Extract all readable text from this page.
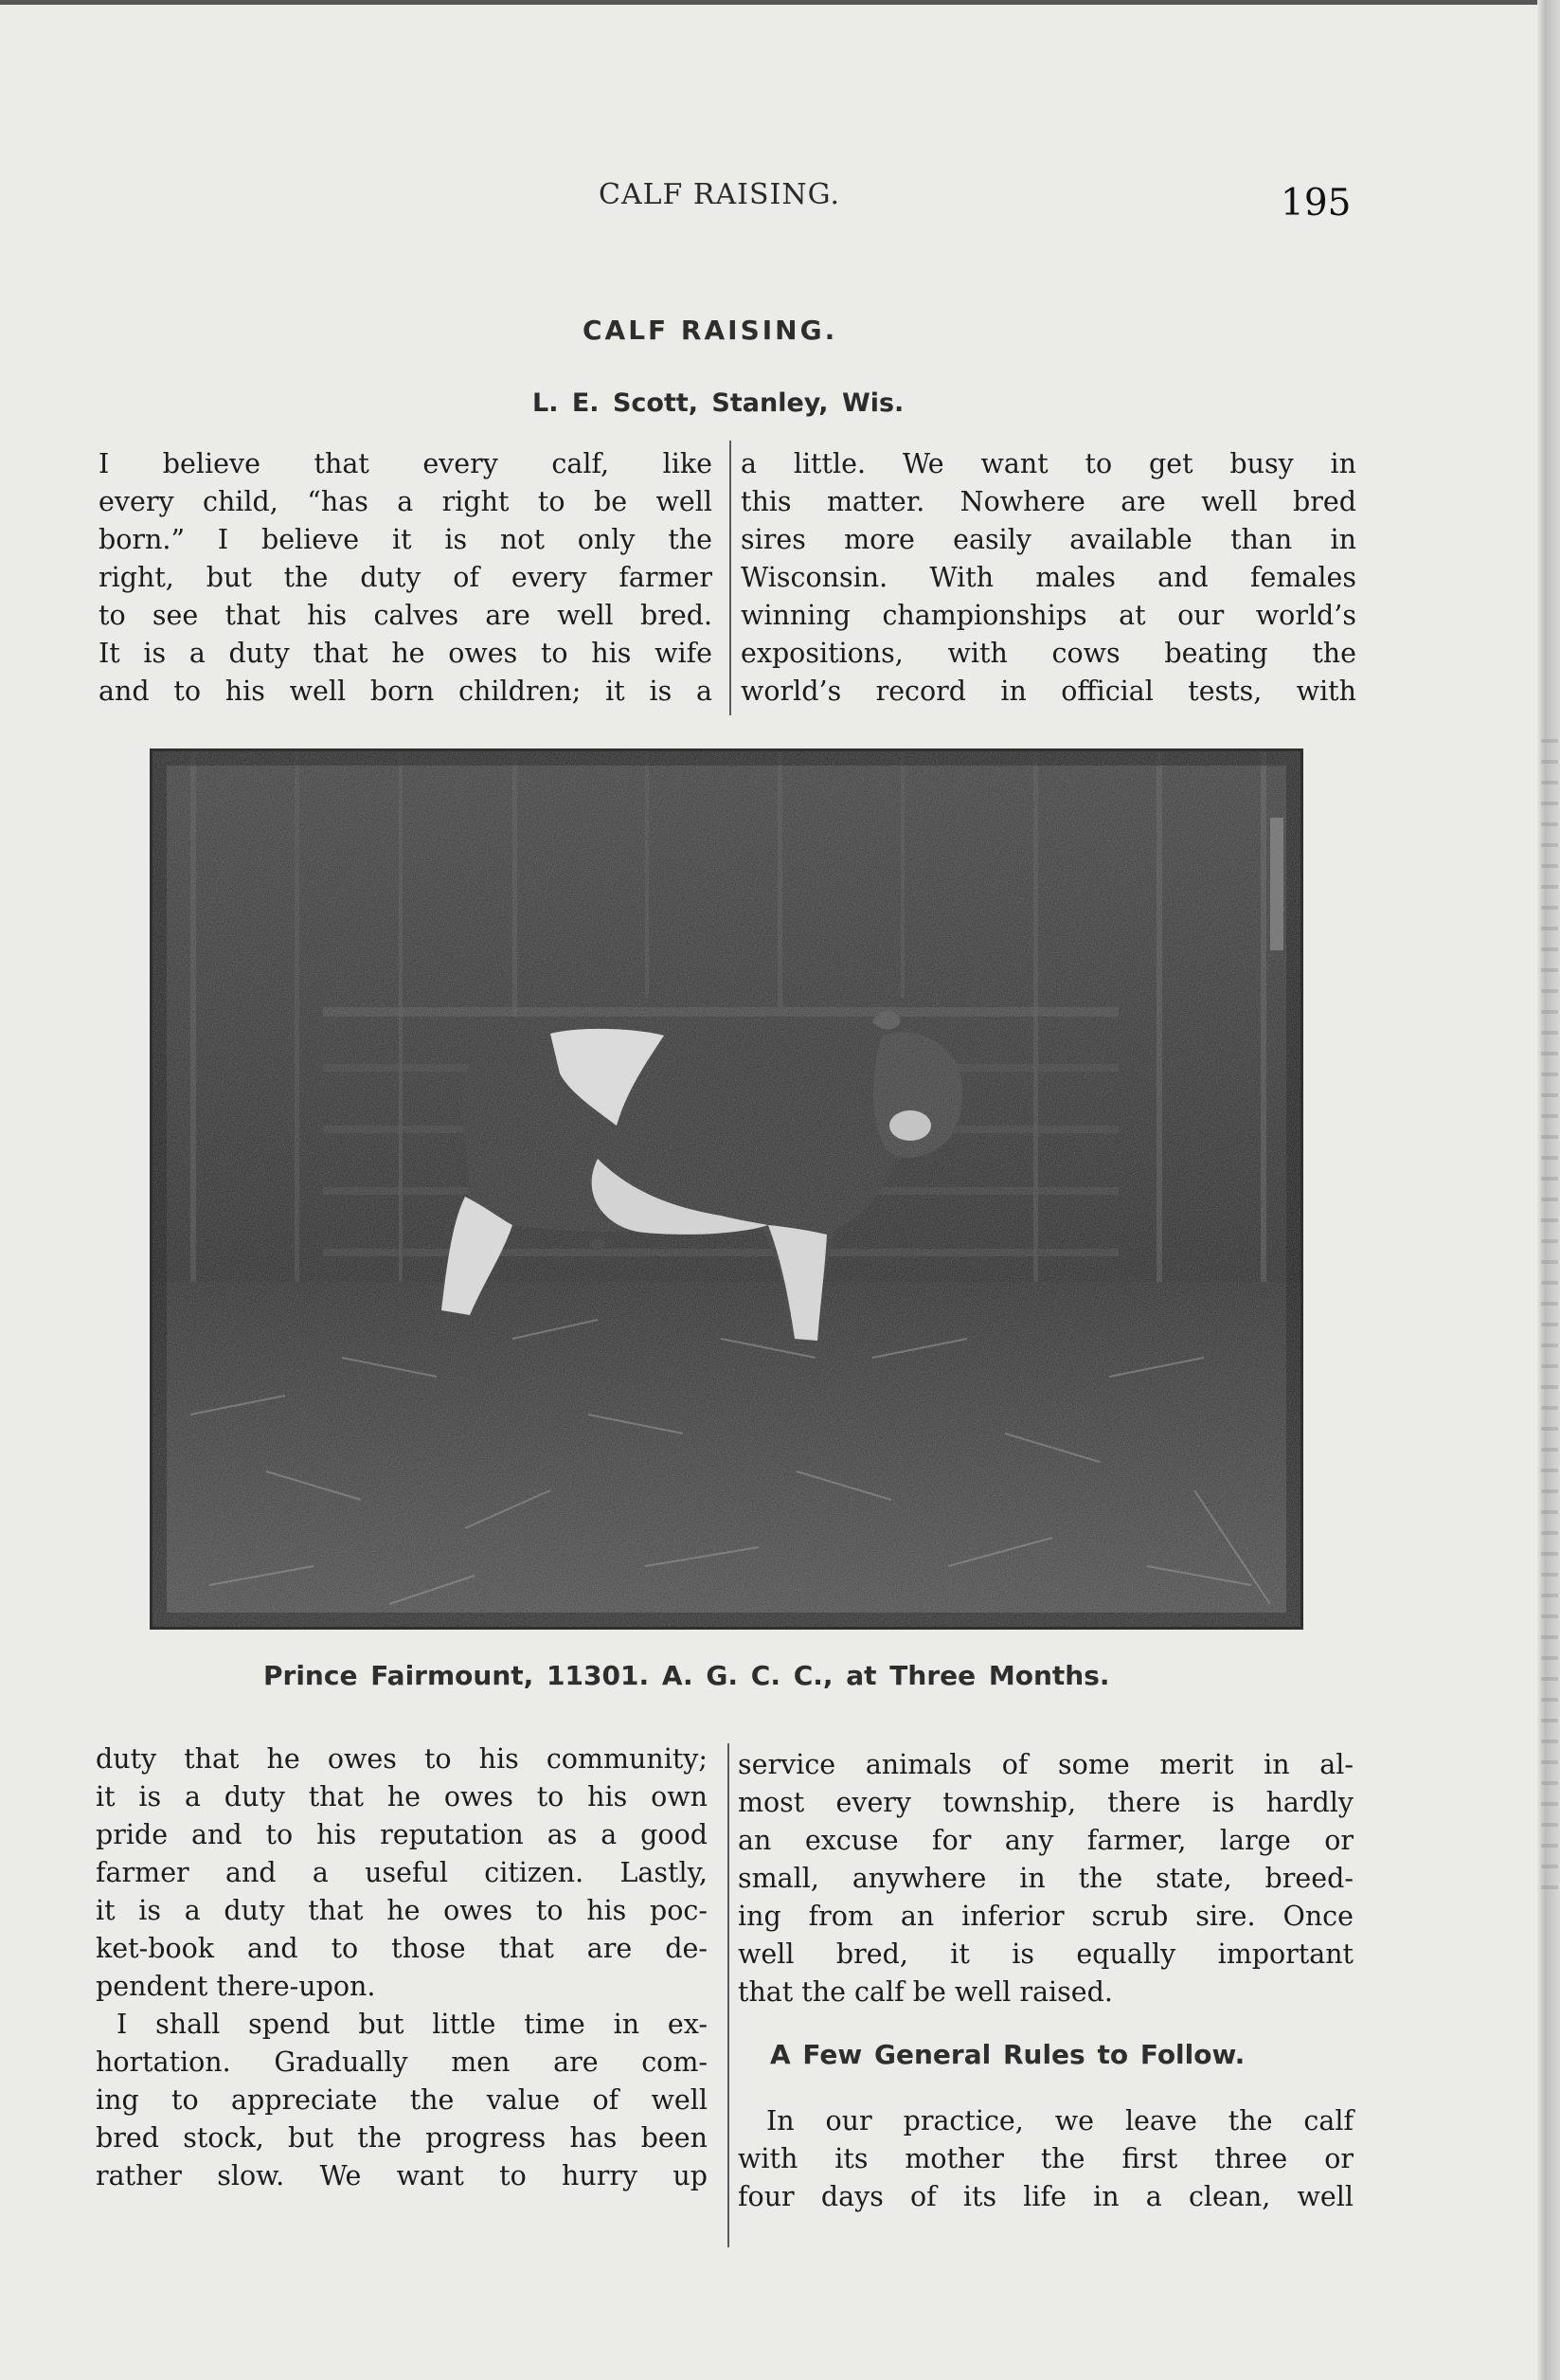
CALF RAISING.	195
CALF RAISING.
L. E. Scott, Stanley, Wis.
I believe that every calf, like
every child, “has a right to be well
born.” I believe it is not only the
right, but the duty of every farmer
to see that his calves are well bred.
It is a duty that he owes to his wife
and to his well born children; it is a
a little. We want to get busy in
this matter. Nowhere are well bred
sires more easily available than in
Wisconsin. With males and females
winning championships at our world’s
expositions, with cows beating the
world’s record in official tests, with
Prince Fairmount, 11301. A. G. C. C., at Three Months.
duty that he owes to his community;
it is a duty that he owes to his own
pride and to his reputation as a good
farmer and a useful citizen. Lastly,
it is a duty that he owes to his poc-
ket-book and to those that are de-
pendent there-upon.
I shall spend but little time in ex-
hortation. Gradually men are com-
ing to appreciate the value of well
bred stock, but the progress has been
rather slow. We want to hurry up
service animals of some merit in al-
most every township, there is hardly
an excuse for any farmer, large or
small, anywhere in the state, breed-
ing from an inferior scrub sire. Once
well bred, it is equally important
that the calf be well raised.
In our practice, we leave the calf
with its mother the first three or
four days of its life in a clean, well
A Few General Rules to Follow.
